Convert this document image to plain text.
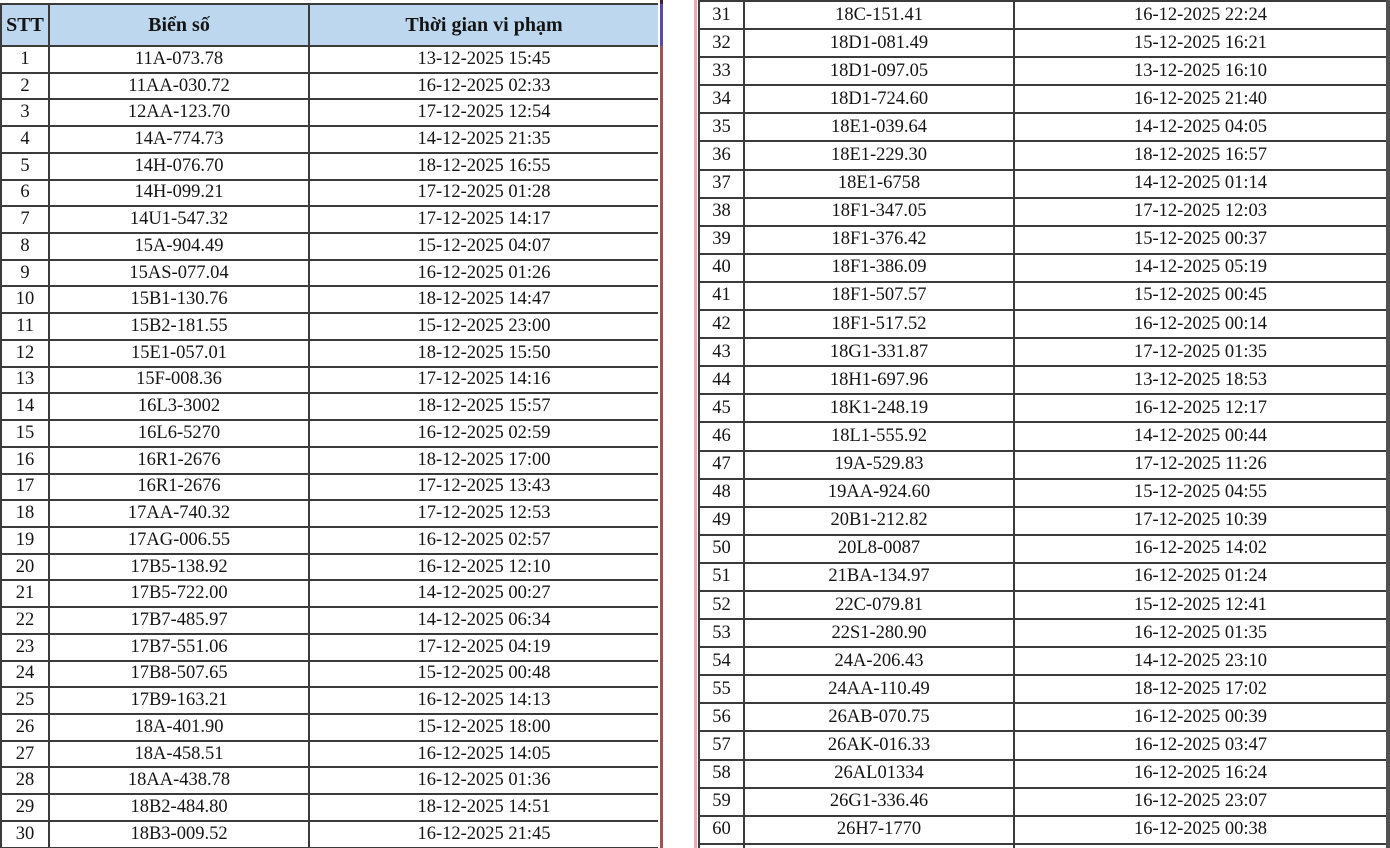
STT	Biển số	Thời gian vi phạm
1	11A-073.78	13-12-2025 15:45
2	11AA-030.72	16-12-2025 02:33
3	12AA-123.70	17-12-2025 12:54
4	14A-774.73	14-12-2025 21:35
5	14H-076.70	18-12-2025 16:55
6	14H-099.21	17-12-2025 01:28
7	14U1-547.32	17-12-2025 14:17
8	15A-904.49	15-12-2025 04:07
9	15AS-077.04	16-12-2025 01:26
10	15B1-130.76	18-12-2025 14:47
11	15B2-181.55	15-12-2025 23:00
12	15E1-057.01	18-12-2025 15:50
13	15F-008.36	17-12-2025 14:16
14	16L3-3002	18-12-2025 15:57
15	16L6-5270	16-12-2025 02:59
16	16R1-2676	18-12-2025 17:00
17	16R1-2676	17-12-2025 13:43
18	17AA-740.32	17-12-2025 12:53
19	17AG-006.55	16-12-2025 02:57
20	17B5-138.92	16-12-2025 12:10
21	17B5-722.00	14-12-2025 00:27
22	17B7-485.97	14-12-2025 06:34
23	17B7-551.06	17-12-2025 04:19
24	17B8-507.65	15-12-2025 00:48
25	17B9-163.21	16-12-2025 14:13
26	18A-401.90	15-12-2025 18:00
27	18A-458.51	16-12-2025 14:05
28	18AA-438.78	16-12-2025 01:36
29	18B2-484.80	18-12-2025 14:51
30	18B3-009.52	16-12-2025 21:45
31	18C-151.41	16-12-2025 22:24
32	18D1-081.49	15-12-2025 16:21
33	18D1-097.05	13-12-2025 16:10
34	18D1-724.60	16-12-2025 21:40
35	18E1-039.64	14-12-2025 04:05
36	18E1-229.30	18-12-2025 16:57
37	18E1-6758	14-12-2025 01:14
38	18F1-347.05	17-12-2025 12:03
39	18F1-376.42	15-12-2025 00:37
40	18F1-386.09	14-12-2025 05:19
41	18F1-507.57	15-12-2025 00:45
42	18F1-517.52	16-12-2025 00:14
43	18G1-331.87	17-12-2025 01:35
44	18H1-697.96	13-12-2025 18:53
45	18K1-248.19	16-12-2025 12:17
46	18L1-555.92	14-12-2025 00:44
47	19A-529.83	17-12-2025 11:26
48	19AA-924.60	15-12-2025 04:55
49	20B1-212.82	17-12-2025 10:39
50	20L8-0087	16-12-2025 14:02
51	21BA-134.97	16-12-2025 01:24
52	22C-079.81	15-12-2025 12:41
53	22S1-280.90	16-12-2025 01:35
54	24A-206.43	14-12-2025 23:10
55	24AA-110.49	18-12-2025 17:02
56	26AB-070.75	16-12-2025 00:39
57	26AK-016.33	16-12-2025 03:47
58	26AL01334	16-12-2025 16:24
59	26G1-336.46	16-12-2025 23:07
60	26H7-1770	16-12-2025 00:38
